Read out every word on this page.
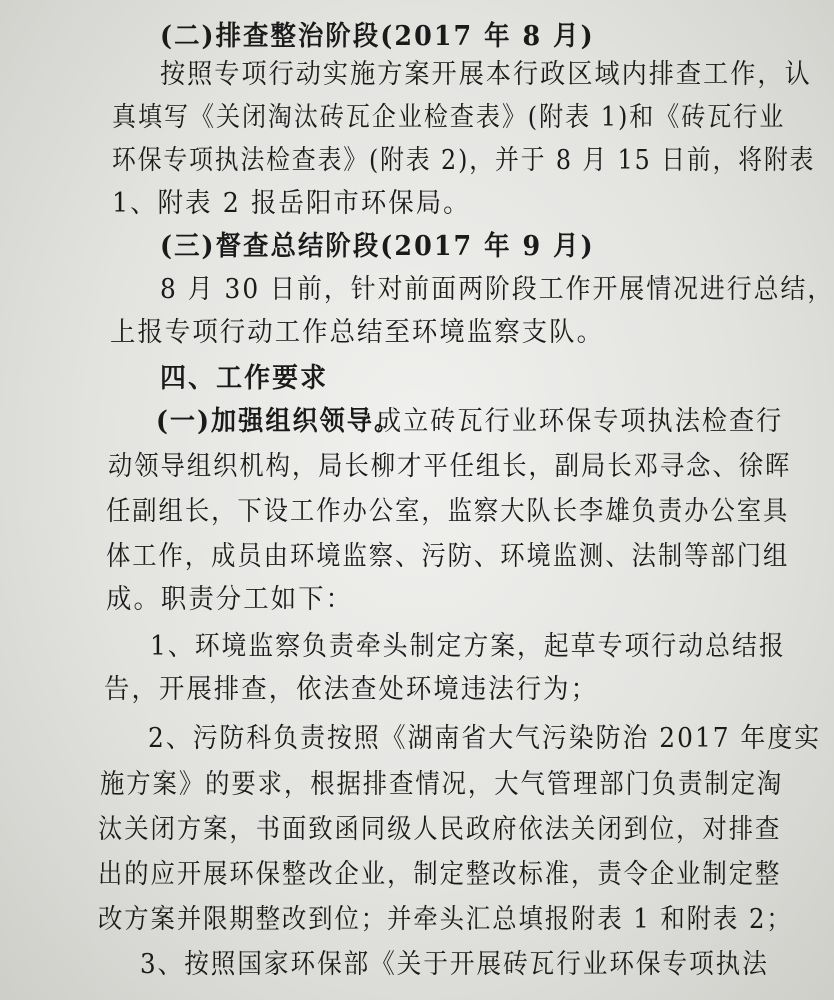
(二)排查整治阶段(2017 年 8 月)
按照专项行动实施方案开展本行政区域内排查工作，认
真填写《关闭淘汰砖瓦企业检查表》(附表 1)和《砖瓦行业
环保专项执法检查表》(附表 2)，并于 8 月 15 日前，将附表
1、附表 2 报岳阳市环保局。
(三)督查总结阶段(2017 年 9 月)
8 月 30 日前，针对前面两阶段工作开展情况进行总结，
上报专项行动工作总结至环境监察支队。
四、工作要求
(一)加强组织领导。
成立砖瓦行业环保专项执法检查行
动领导组织机构，局长柳才平任组长，副局长邓寻念、徐晖
任副组长，下设工作办公室，监察大队长李雄负责办公室具
体工作，成员由环境监察、污防、环境监测、法制等部门组
成。职责分工如下：
1、环境监察负责牵头制定方案，起草专项行动总结报
告，开展排查，依法查处环境违法行为；
2、污防科负责按照《湖南省大气污染防治 2017 年度实
施方案》的要求，根据排查情况，大气管理部门负责制定淘
汰关闭方案，书面致函同级人民政府依法关闭到位，对排查
出的应开展环保整改企业，制定整改标准，责令企业制定整
改方案并限期整改到位；并牵头汇总填报附表 1 和附表 2；
3、按照国家环保部《关于开展砖瓦行业环保专项执法
